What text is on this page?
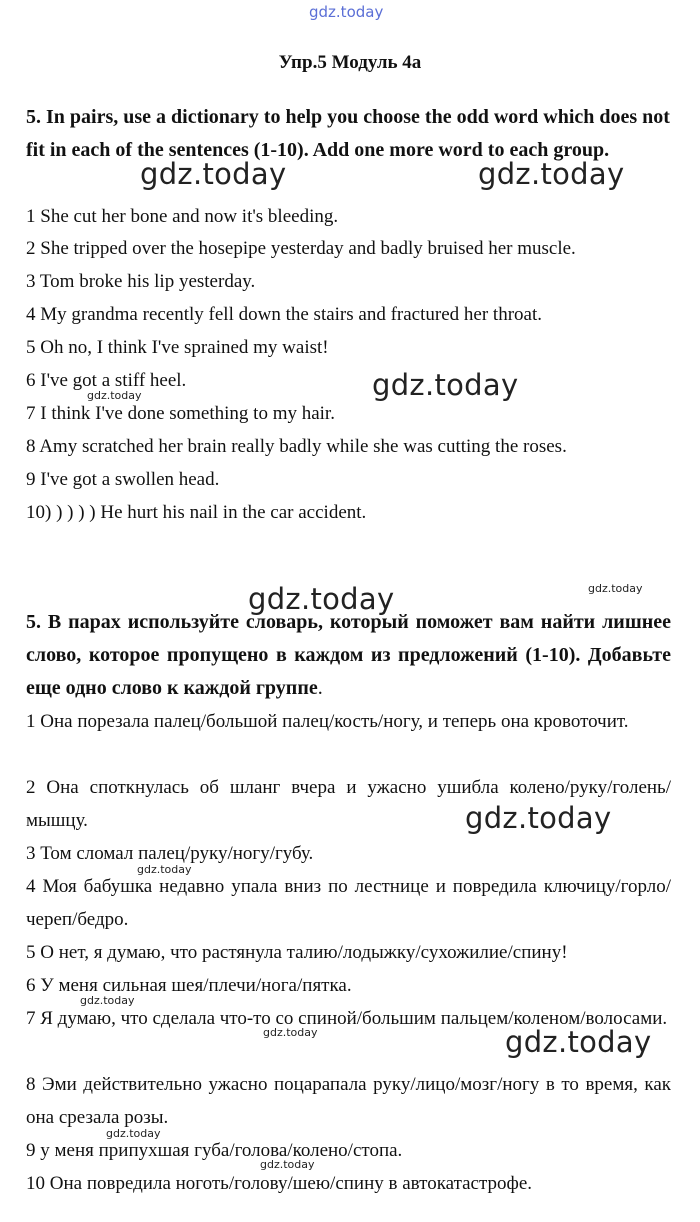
gdz.today
gdz.today	gdz.today
gdz.today
gdz.today
gdz.today	gdz.today
gdz.today
gdz.today
gdz.today
gdz.today	gdz.today
gdz.today
gdz.today
Упр.5 Модуль 4а
5. In pairs, use a dictionary to help you choose the odd word which does not fit in each of the sentences (1-10). Add one more word to each group.
1 She cut her bone and now it's bleeding.
2 She tripped over the hosepipe yesterday and badly bruised her muscle.
3 Tom broke his lip yesterday.
4 My grandma recently fell down the stairs and fractured her throat.
5 Oh no, I think I've sprained my waist!
6 I've got a stiff heel.
7 I think I've done something to my hair.
8 Amy scratched her brain really badly while she was cutting the roses.
9 I've got a swollen head.
10) ) ) ) ) He hurt his nail in the car accident.
5. В парах используйте словарь, который поможет вам найти лишнее слово, которое пропущено в каждом из предложений (1-10). Добавьте еще одно слово к каждой группе.
1 Она порезала палец/большой палец/кость/ногу, и теперь она кровоточит.
2 Она споткнулась об шланг вчера и ужасно ушибла колено/руку/голень/мышцу.
3 Том сломал палец/руку/ногу/губу.
4 Моя бабушка недавно упала вниз по лестнице и повредила ключицу/горло/череп/бедро.
5 О нет, я думаю, что растянула талию/лодыжку/сухожилие/спину!
6 У меня сильная шея/плечи/нога/пятка.
7 Я думаю, что сделала что-то со спиной/большим пальцем/коленом/волосами.
8 Эми действительно ужасно поцарапала руку/лицо/мозг/ногу в то время, как она срезала розы.
9 у меня припухшая губа/голова/колено/стопа.
10 Она повредила ноготь/голову/шею/спину в автокатастрофе.
